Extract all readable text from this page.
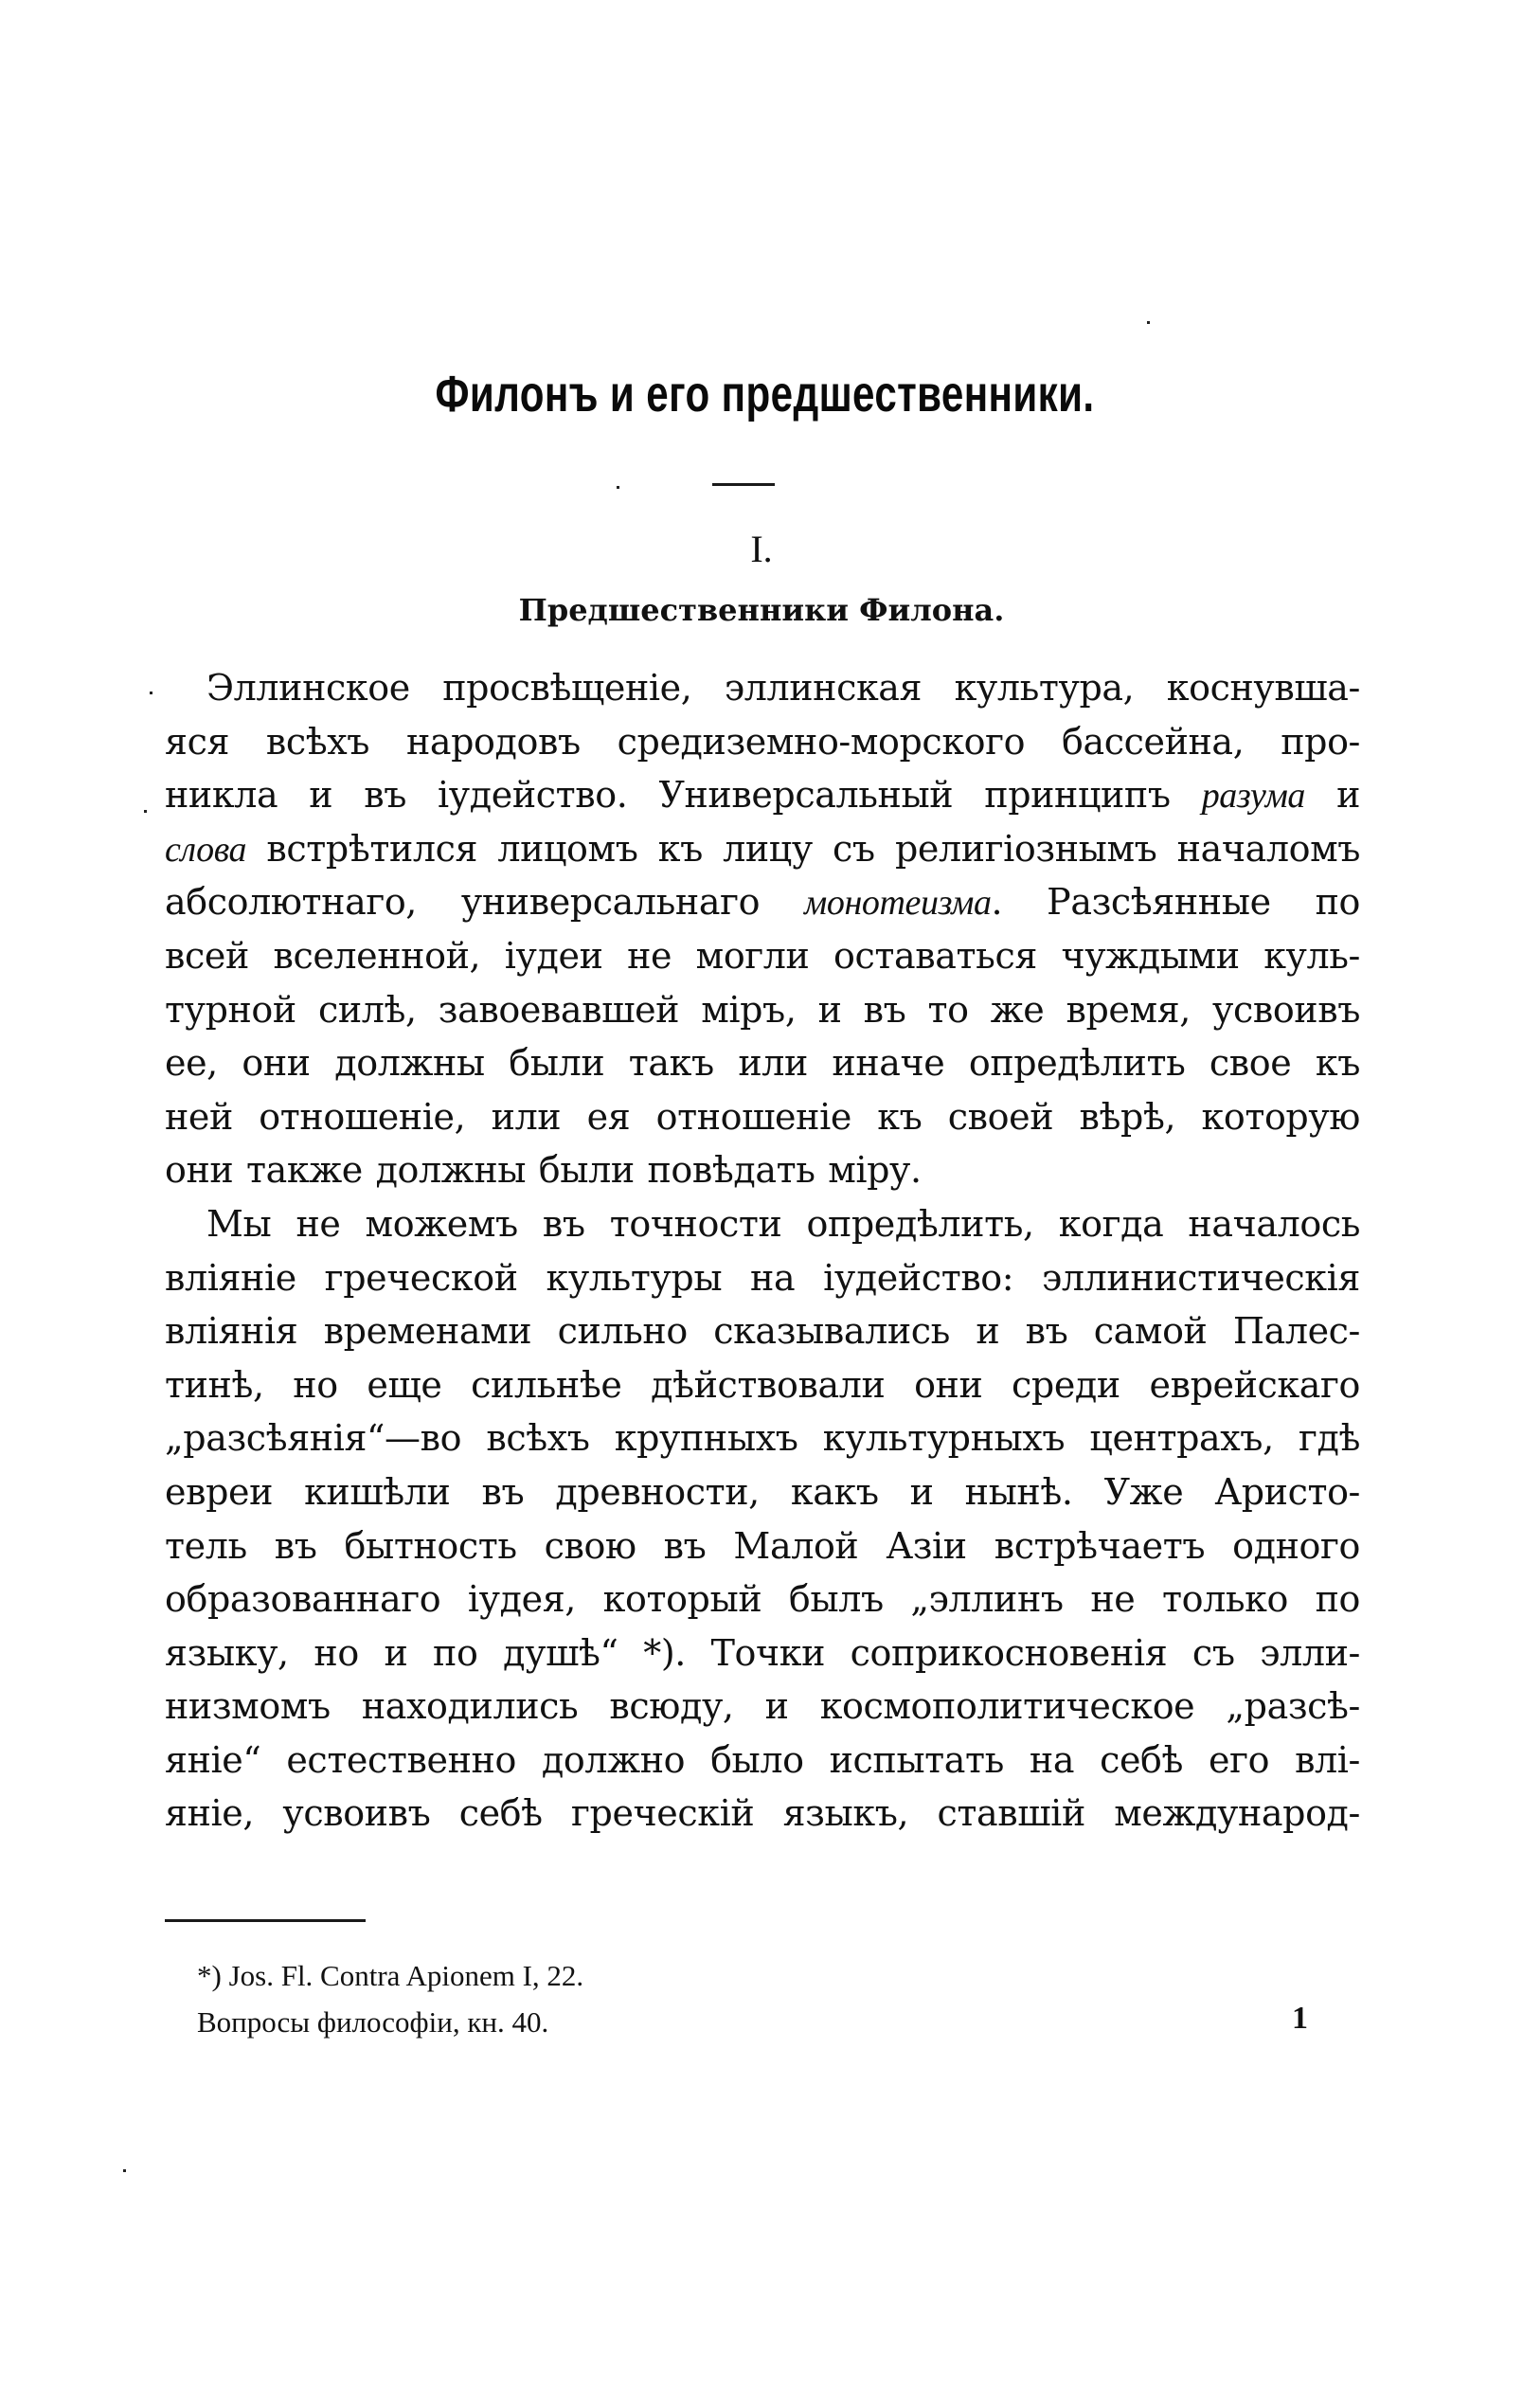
Филонъ и его предшественники.
I.
Предшественники Филона.
Эллинское просвѣщеніе, эллинская культура, коснувша-
яся всѣхъ народовъ средиземно-морского бассейна, про-
никла и въ іудейство. Универсальный принципъ разума и
слова встрѣтился лицомъ къ лицу съ религіознымъ началомъ
абсолютнаго, универсальнаго монотеизма. Разсѣянные по
всей вселенной, іудеи не могли оставаться чуждыми куль-
турной силѣ, завоевавшей міръ, и въ то же время, усвоивъ
ее, они должны были такъ или иначе опредѣлить свое къ
ней отношеніе, или ея отношеніе къ своей вѣрѣ, которую
они также должны были повѣдать міру.
Мы не можемъ въ точности опредѣлить, когда началось
вліяніе греческой культуры на іудейство: эллинистическія
вліянія временами сильно сказывались и въ самой Палес-
тинѣ, но еще сильнѣе дѣйствовали они среди еврейскаго
„разсѣянія“—во всѣхъ крупныхъ культурныхъ центрахъ, гдѣ
евреи кишѣли въ древности, какъ и нынѣ. Уже Аристо-
тель въ бытность свою въ Малой Азіи встрѣчаетъ одного
образованнаго іудея, который былъ „эллинъ не только по
языку, но и по душѣ“ *). Точки соприкосновенія съ элли-
низмомъ находились всюду, и космополитическое „разсѣ-
яніе“ естественно должно было испытать на себѣ его влі-
яніе, усвоивъ себѣ греческій языкъ, ставшій международ-

*) Jos. Fl. Contra Apionem I, 22.

Вопросы философіи, кн. 40.	1
